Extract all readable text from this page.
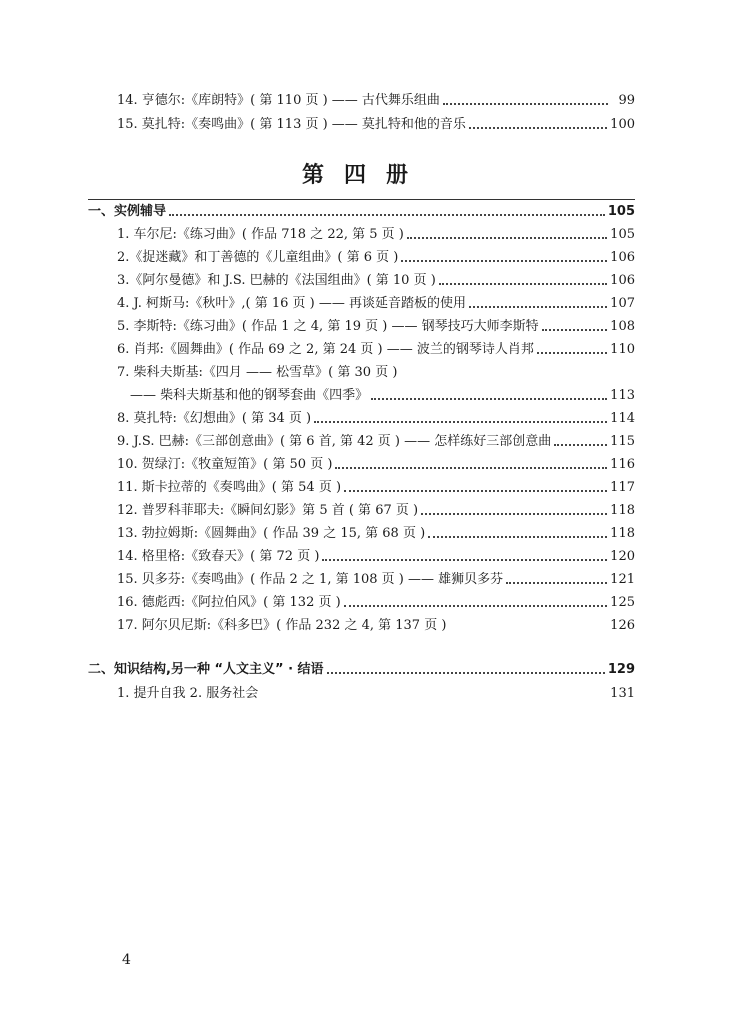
14. 亨德尔:《库朗特》( 第 110 页 ) —— 古代舞乐组曲	99
15. 莫扎特:《奏鸣曲》( 第 113 页 ) —— 莫扎特和他的音乐	100
第四册
一、实例辅导	105
1. 车尔尼:《练习曲》( 作品 718 之 22, 第 5 页 )	105
2.《捉迷藏》和丁善德的《儿童组曲》( 第 6 页 )	106
3.《阿尔曼德》和 J.S. 巴赫的《法国组曲》( 第 10 页 )	106
4. J. 柯斯马:《秋叶》,( 第 16 页 ) —— 再谈延音踏板的使用	107
5. 李斯特:《练习曲》( 作品 1 之 4, 第 19 页 ) —— 钢琴技巧大师李斯特	108
6. 肖邦:《圆舞曲》( 作品 69 之 2, 第 24 页 ) —— 波兰的钢琴诗人肖邦	110
7. 柴科夫斯基:《四月 —— 松雪草》( 第 30 页 )
—— 柴科夫斯基和他的钢琴套曲《四季》	113
8. 莫扎特:《幻想曲》( 第 34 页 )	114
9. J.S. 巴赫:《三部创意曲》( 第 6 首, 第 42 页 ) —— 怎样练好三部创意曲	115
10. 贺绿汀:《牧童短笛》( 第 50 页 )	116
11. 斯卡拉蒂的《奏鸣曲》( 第 54 页 )	117
12. 普罗科菲耶夫:《瞬间幻影》第 5 首 ( 第 67 页 )	118
13. 勃拉姆斯:《圆舞曲》( 作品 39 之 15, 第 68 页 )	118
14. 格里格:《致春天》( 第 72 页 )	120
15. 贝多芬:《奏鸣曲》( 作品 2 之 1, 第 108 页 ) —— 雄狮贝多芬	121
16. 德彪西:《阿拉伯风》( 第 132 页 )	125
17. 阿尔贝尼斯:《科多巴》( 作品 232 之 4, 第 137 页 )	126
二、知识结构,另一种 “人文主义” · 结语	129
1. 提升自我 2. 服务社会	131
4
